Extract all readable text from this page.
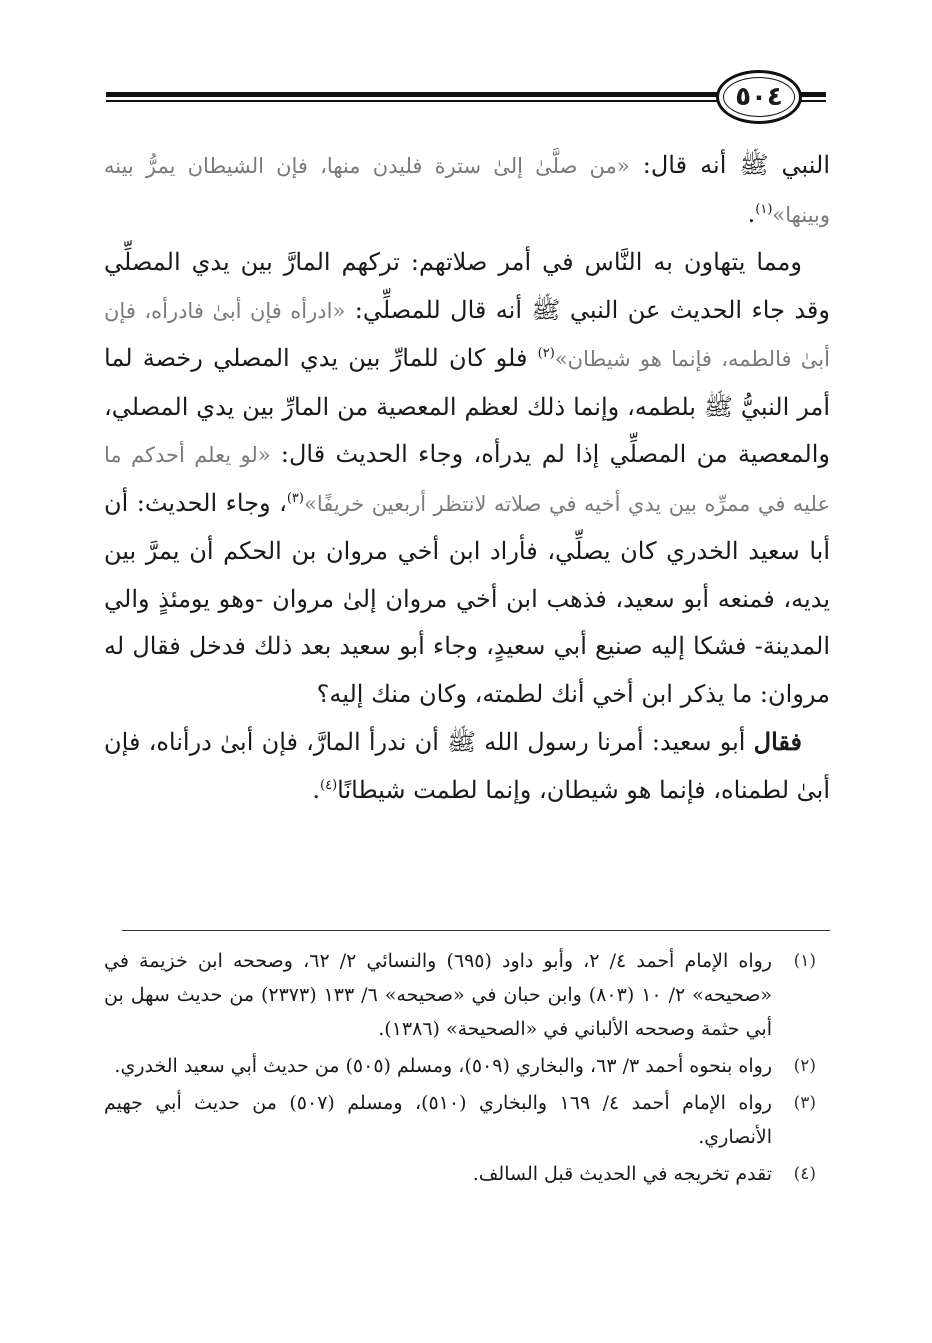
٥٠٤

النبي ﷺ أنه قال: «من صلَّىٰ إلىٰ سترة فليدن منها، فإن الشيطان يمرُّ بينه وبينها»$^{(١)}$.

ومما يتهاون به النَّاس في أمر صلاتهم: تركهم المارَّ بين يدي المصلِّي وقد جاء الحديث عن النبي ﷺ أنه قال للمصلِّي: «ادرأه فإن أبىٰ فادرأه، فإن أبىٰ فالطمه، فإنما هو شيطان»$^{(٢)}$ فلو كان للمارِّ بين يدي المصلي رخصة لما أمر النبيُّ ﷺ بلطمه، وإنما ذلك لعظم المعصية من المارِّ بين يدي المصلي، والمعصية من المصلِّي إذا لم يدرأه، وجاء الحديث قال: «لو يعلم أحدكم ما عليه في ممرِّه بين يدي أخيه في صلاته لانتظر أربعين خريفًا»$^{(٣)}$، وجاء الحديث: أن أبا سعيد الخدري كان يصلِّي، فأراد ابن أخي مروان بن الحكم أن يمرَّ بين يديه، فمنعه أبو سعيد، فذهب ابن أخي مروان إلىٰ مروان -وهو يومئذٍ والي المدينة- فشكا إليه صنيع أبي سعيدٍ، وجاء أبو سعيد بعد ذلك فدخل فقال له مروان: ما يذكر ابن أخي أنك لطمته، وكان منك إليه؟

فقال أبو سعيد: أمرنا رسول الله ﷺ أن ندرأ المارَّ، فإن أبىٰ درأناه، فإن أبىٰ لطمناه، فإنما هو شيطان، وإنما لطمت شيطانًا$^{(٤)}$.

(١)
رواه الإمام أحمد ٤/ ٢، وأبو داود (٦٩٥) والنسائي ٢/ ٦٢، وصححه ابن خزيمة في «صحيحه» ٢/ ١٠ (٨٠٣) وابن حبان في «صحيحه» ٦/ ١٣٣ (٢٣٧٣) من حديث سهل بن أبي حثمة وصححه الألباني في «الصحيحة» (١٣٨٦).
(٢)
رواه بنحوه أحمد ٣/ ٦٣، والبخاري (٥٠٩)، ومسلم (٥٠٥) من حديث أبي سعيد الخدري.
(٣)
رواه الإمام أحمد ٤/ ١٦٩ والبخاري (٥١٠)، ومسلم (٥٠٧) من حديث أبي جهيم الأنصاري.
(٤)
تقدم تخريجه في الحديث قبل السالف.
